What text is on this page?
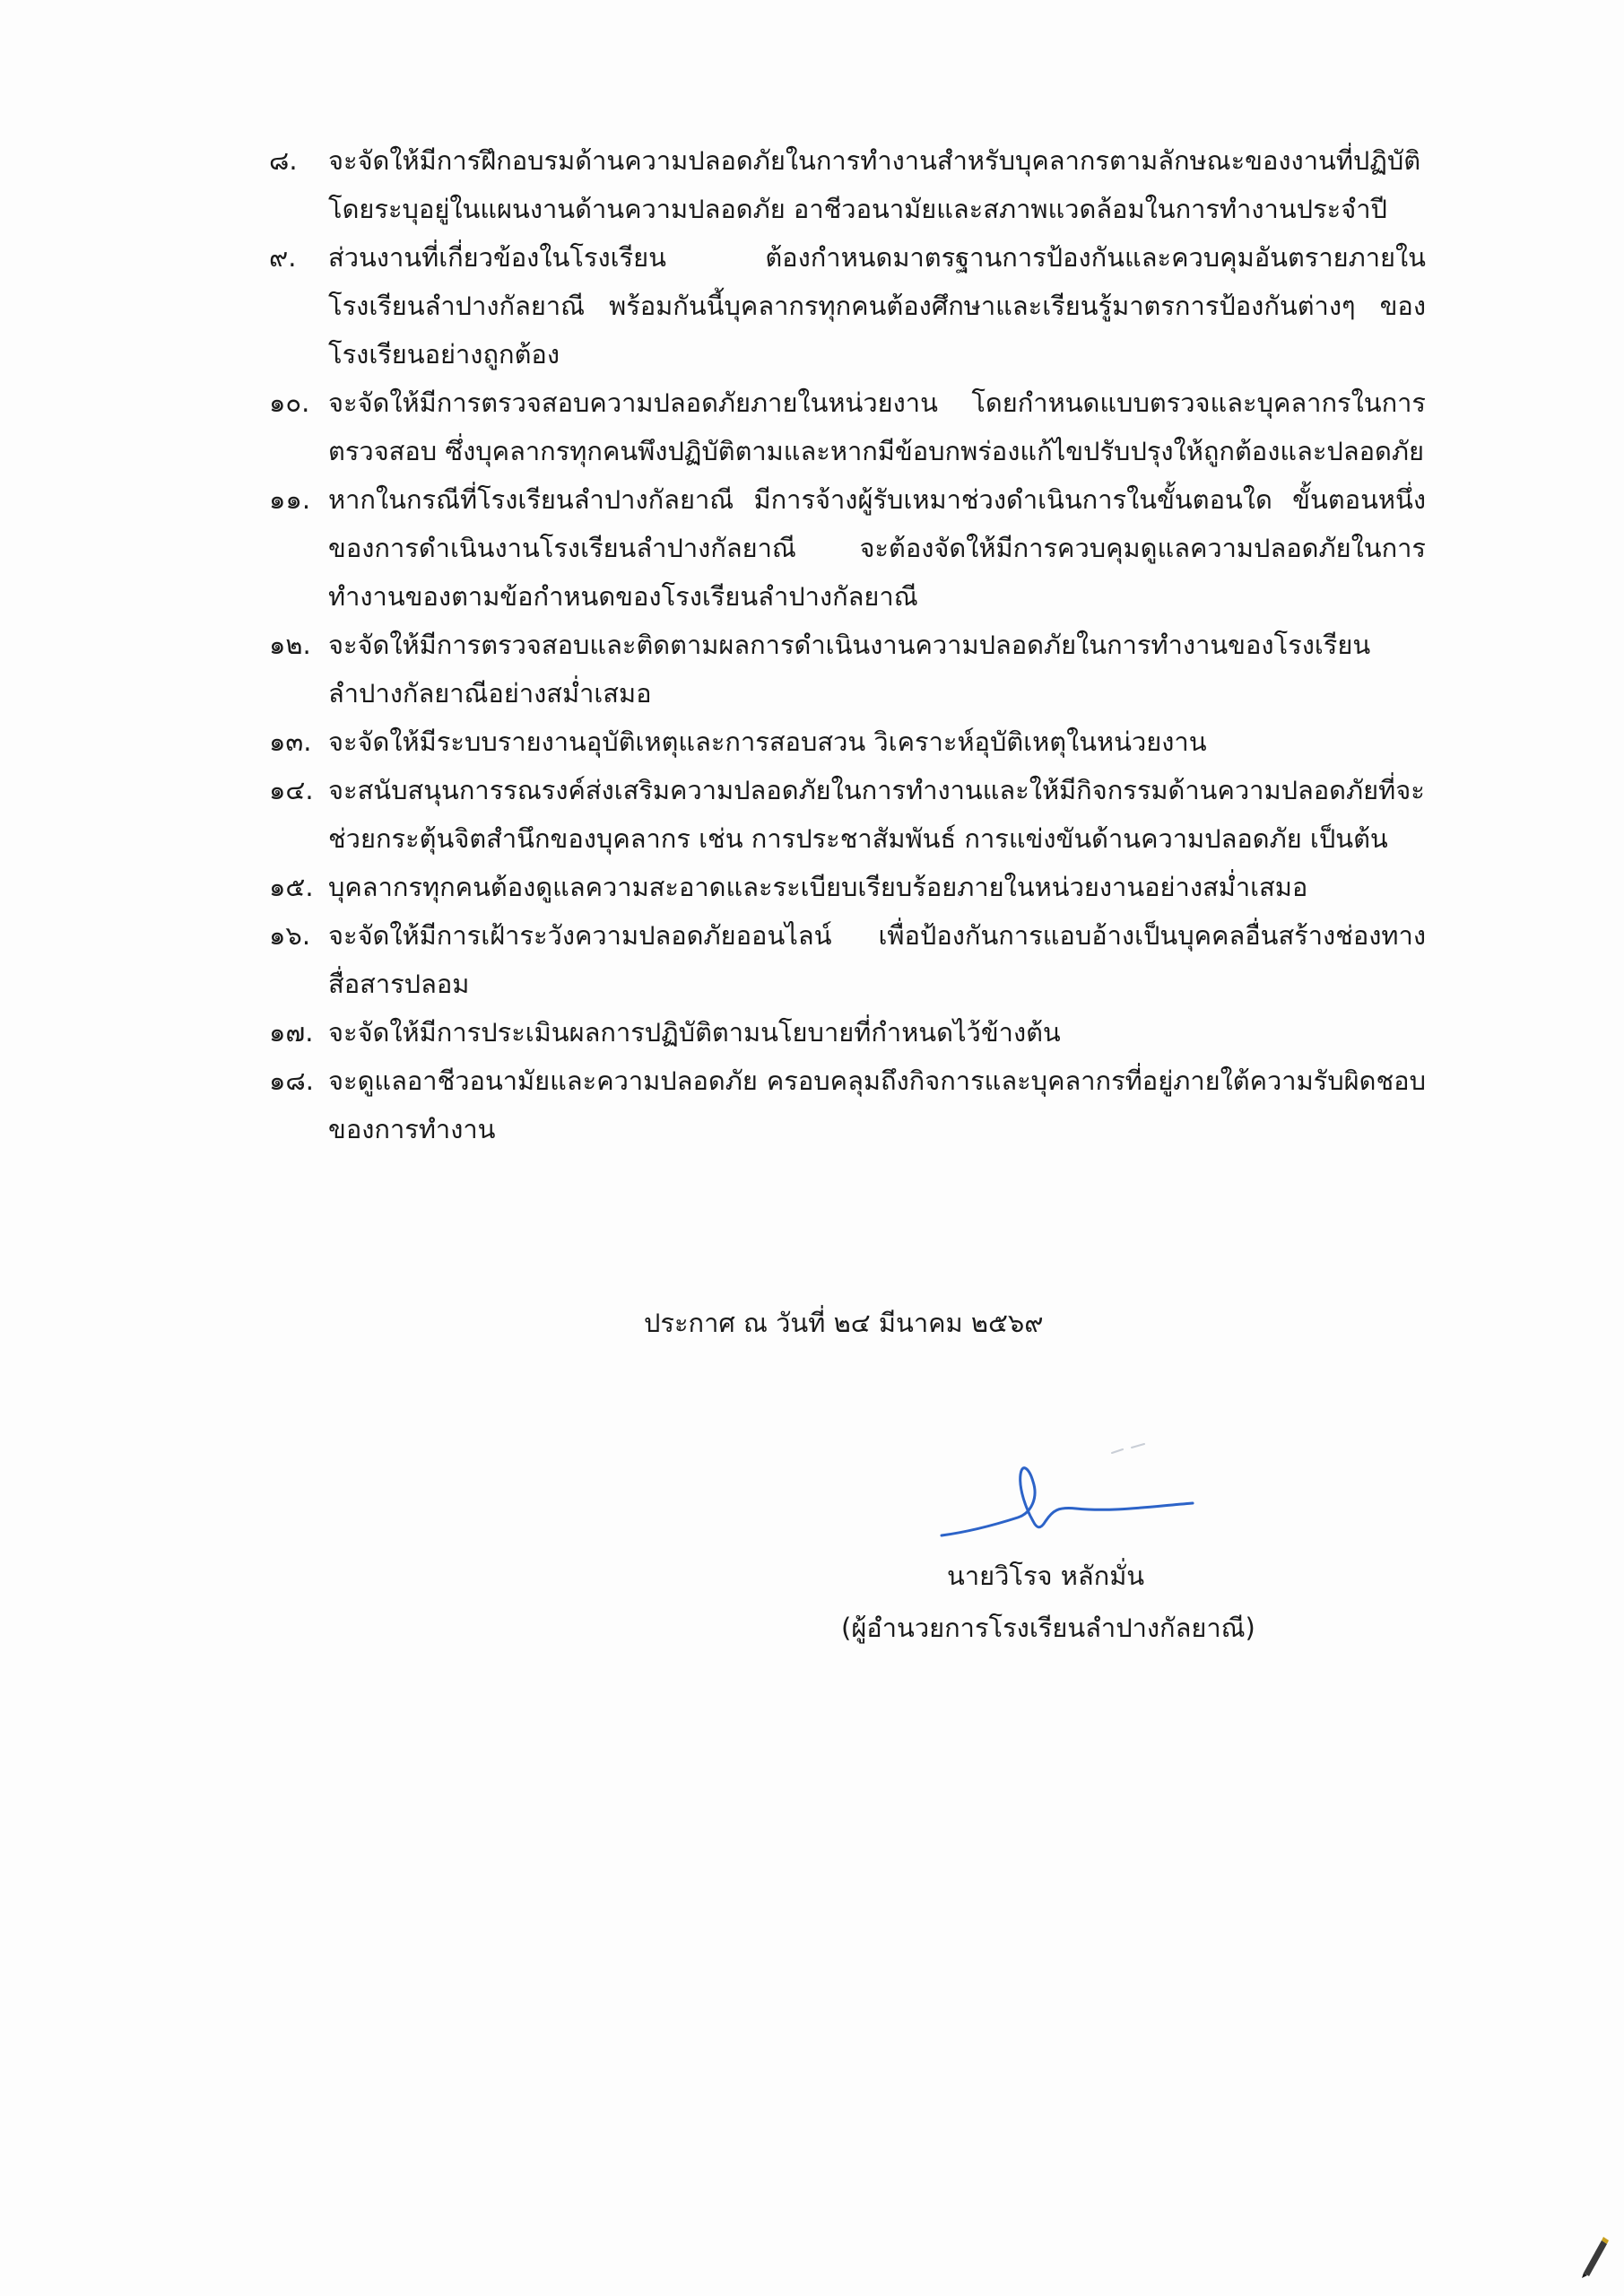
๘.	จะจัดให้มีการฝึกอบรมด้านความปลอดภัยในการทำงานสำหรับบุคลากรตามลักษณะของงานที่ปฏิบัติ โดยระบุอยู่ในแผนงานด้านความปลอดภัย อาชีวอนามัยและสภาพแวดล้อมในการทำงานประจำปี
๙.	ส่วนงานที่เกี่ยวข้องในโรงเรียน ต้องกำหนดมาตรฐานการป้องกันและควบคุมอันตรายภายใน โรงเรียนลำปางกัลยาณี พร้อมกันนี้บุคลากรทุกคนต้องศึกษาและเรียนรู้มาตรการป้องกันต่างๆ ของโรงเรียนอย่างถูกต้อง
๑๐. จะจัดให้มีการตรวจสอบความปลอดภัยภายในหน่วยงาน โดยกำหนดแบบตรวจและบุคลากรในการตรวจสอบ ซึ่งบุคลากรทุกคนพึงปฏิบัติตามและหากมีข้อบกพร่องแก้ไขปรับปรุงให้ถูกต้องและปลอดภัย
๑๑. หากในกรณีที่โรงเรียนลำปางกัลยาณี มีการจ้างผู้รับเหมาช่วงดำเนินการในขั้นตอนใด ขั้นตอนหนึ่งของการดำเนินงานโรงเรียนลำปางกัลยาณี จะต้องจัดให้มีการควบคุมดูแลความปลอดภัยในการทำงานของตามข้อกำหนดของโรงเรียนลำปางกัลยาณี
๑๒. จะจัดให้มีการตรวจสอบและติดตามผลการดำเนินงานความปลอดภัยในการทำงานของโรงเรียนลำปางกัลยาณีอย่างสม่ำเสมอ
๑๓. จะจัดให้มีระบบรายงานอุบัติเหตุและการสอบสวน วิเคราะห์อุบัติเหตุในหน่วยงาน
๑๔. จะสนับสนุนการรณรงค์ส่งเสริมความปลอดภัยในการทำงานและให้มีกิจกรรมด้านความปลอดภัยที่จะช่วยกระตุ้นจิตสำนึกของบุคลากร เช่น การประชาสัมพันธ์ การแข่งขันด้านความปลอดภัย เป็นต้น
๑๕. บุคลากรทุกคนต้องดูแลความสะอาดและระเบียบเรียบร้อยภายในหน่วยงานอย่างสม่ำเสมอ
๑๖. จะจัดให้มีการเฝ้าระวังความปลอดภัยออนไลน์ เพื่อป้องกันการแอบอ้างเป็นบุคคลอื่นสร้างช่องทางสื่อสารปลอม
๑๗. จะจัดให้มีการประเมินผลการปฏิบัติตามนโยบายที่กำหนดไว้ข้างต้น
๑๘. จะดูแลอาชีวอนามัยและความปลอดภัย ครอบคลุมถึงกิจการและบุคลากรที่อยู่ภายใต้ความรับผิดชอบของการทำงาน
ประกาศ ณ วันที่ ๒๔ มีนาคม ๒๕๖๙
นายวิโรจ หลักมั่น
(ผู้อำนวยการโรงเรียนลำปางกัลยาณี)
